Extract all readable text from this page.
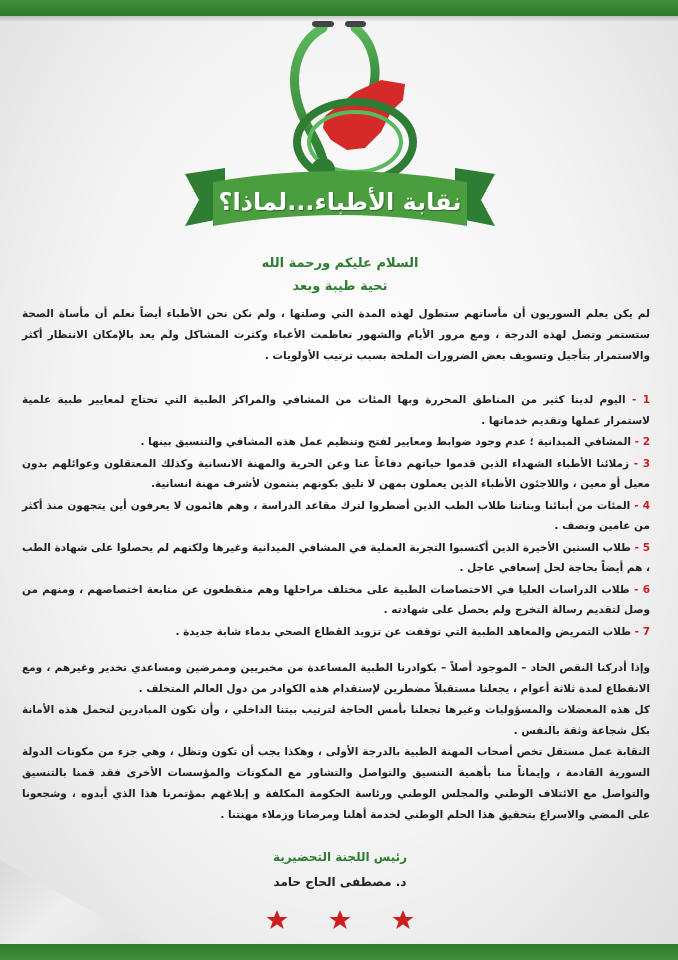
نقابة الأطباء...لماذا؟
السلام عليكم ورحمة الله
تحية طيبة وبعد
لم يكن يعلم السوريون أن مأساتهم ستطول لهذه المدة التي وصلتها ، ولم نكن نحن الأطباء أيضاً نعلم أن مأساة الصحة ستستمر وتصل لهذه الدرجة ، ومع مرور الأيام والشهور تعاظمت الأعباء وكثرت المشاكل ولم يعد بالإمكان الانتظار أكثر والاستمرار بتأجيل وتسويف بعض الضرورات الملحة بسبب ترتيب الأولويات .
1 - اليوم لدينا كثير من المناطق المحررة وبها المئات من المشافي والمراكز الطبية التي تحتاج لمعايير طبية علمية لاستمرار عملها وتقديم خدماتها .
2 - المشافي الميدانية ؛ عدم وجود ضوابط ومعايير لفتح وتنظيم عمل هذه المشافي والتنسيق بينها .
3 - زملائنا الأطباء الشهداء الذين قدموا حياتهم دفاعاً عنا وعن الحرية والمهنة الانسانية وكذلك المعتقلون وعوائلهم بدون معيل أو معين ، واللاجئون الأطباء الذين يعملون بمهن لا تليق بكونهم ينتمون لأشرف مهنة انسانية.
4 - المئات من أبنائنا وبناتنا طلاب الطب الذين أضطروا لترك مقاعد الدراسة ، وهم هائمون لا يعرفون أين يتجهون منذ أكثر من عامين ونصف .
5 - طلاب السنين الأخيرة الذين أكتسبوا التجربة العملية في المشافي الميدانية وغيرها ولكنهم لم يحصلوا على شهادة الطب ، هم أيضاً بحاجة لحل إسعافي عاجل .
6 - طلاب الدراسات العليا في الاختصاصات الطبية على مختلف مراحلها وهم منقطعون عن متابعة اختصاصهم ، ومنهم من وصل لتقديم رسالة التخرج ولم يحصل على شهادته .
7 - طلاب التمريض والمعاهد الطبية التي توقفت عن تزويد القطاع الصحي بدماء شابة جديدة .

وإذا أدركنا النقص الحاد – الموجود أصلاً – بكوادرنا الطبية المساعدة من مخبريين وممرضين ومساعدي تخدير وغيرهم ، ومع الانقطاع لمدة ثلاثة أعوام ، يجعلنا مستقبلاً مضطرين لإستقدام هذه الكوادر من دول العالم المتخلف .

كل هذه المعضلات والمسؤوليات وغيرها تجعلنا بأمس الحاجة لترتيب بيتنا الداخلي ، وأن نكون المبادرين لتحمل هذه الأمانة بكل شجاعة وثقة بالنفس .

النقابة عمل مستقل تخص أصحاب المهنة الطبية بالدرجة الأولى ، وهكذا يجب أن تكون وتظل ، وهي جزء من مكونات الدولة السورية القادمة ، وإيماناً منا بأهمية التنسيق والتواصل والتشاور مع المكونات والمؤسسات الأخرى فقد قمنا بالتنسيق والتواصل مع الائتلاف الوطني والمجلس الوطني ورئاسة الحكومة المكلفة و إبلاغهم بمؤتمرنا هذا الذي أيدوه ، وشجعونا على المضي والاسراع بتحقيق هذا الحلم الوطني لخدمة أهلنا ومرضانا وزملاء مهنتنا .

رئيس اللجنة التحضيرية
د. مصطفى الحاج حامد
